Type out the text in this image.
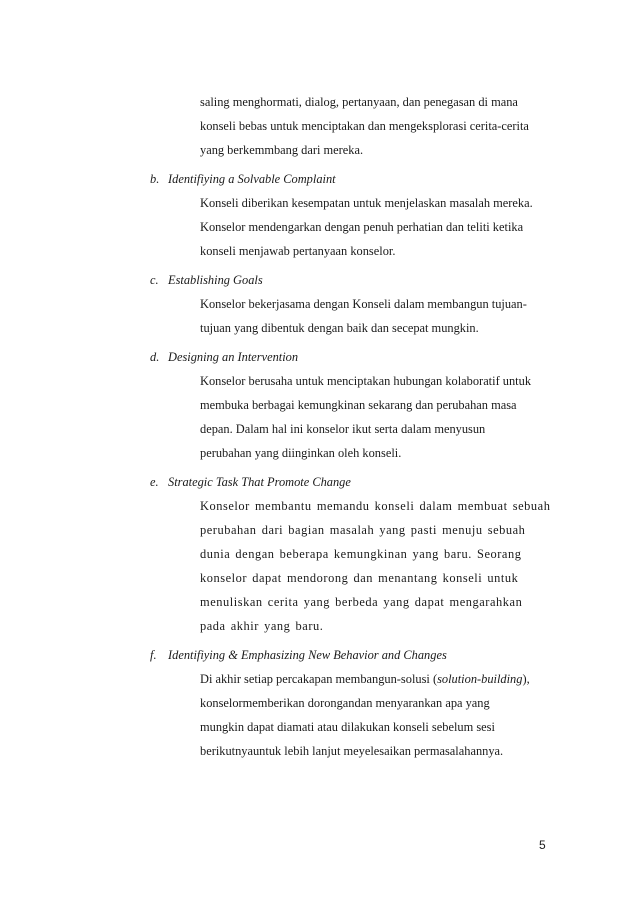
saling menghormati, dialog, pertanyaan, dan penegasan di mana
konseli bebas untuk menciptakan dan mengeksplorasi cerita-cerita
yang berkemmbang dari mereka.
b. Identifiying a Solvable Complaint
Konseli diberikan kesempatan untuk menjelaskan masalah mereka.
Konselor mendengarkan dengan penuh perhatian dan teliti ketika
konseli menjawab pertanyaan konselor.
c. Establishing Goals
Konselor bekerjasama dengan Konseli dalam membangun tujuan-
tujuan yang dibentuk dengan baik dan secepat mungkin.
d. Designing an Intervention
Konselor berusaha untuk menciptakan hubungan kolaboratif untuk
membuka berbagai kemungkinan sekarang dan perubahan masa
depan. Dalam hal ini konselor ikut serta dalam menyusun
perubahan yang diinginkan oleh konseli.
e. Strategic Task That Promote Change
Konselor membantu memandu konseli dalam membuat sebuah
perubahan dari bagian masalah yang pasti menuju sebuah
dunia dengan beberapa kemungkinan yang baru. Seorang
konselor dapat mendorong dan menantang konseli untuk
menuliskan cerita yang berbeda yang dapat mengarahkan
pada akhir yang baru.
f. Identifiying & Emphasizing New Behavior and Changes
Di akhir setiap percakapan membangun-solusi (solution-building),
konselormemberikan dorongandan menyarankan apa yang
mungkin dapat diamati atau dilakukan konseli sebelum sesi
berikutnyauntuk lebih lanjut meyelesaikan permasalahannya.
5
